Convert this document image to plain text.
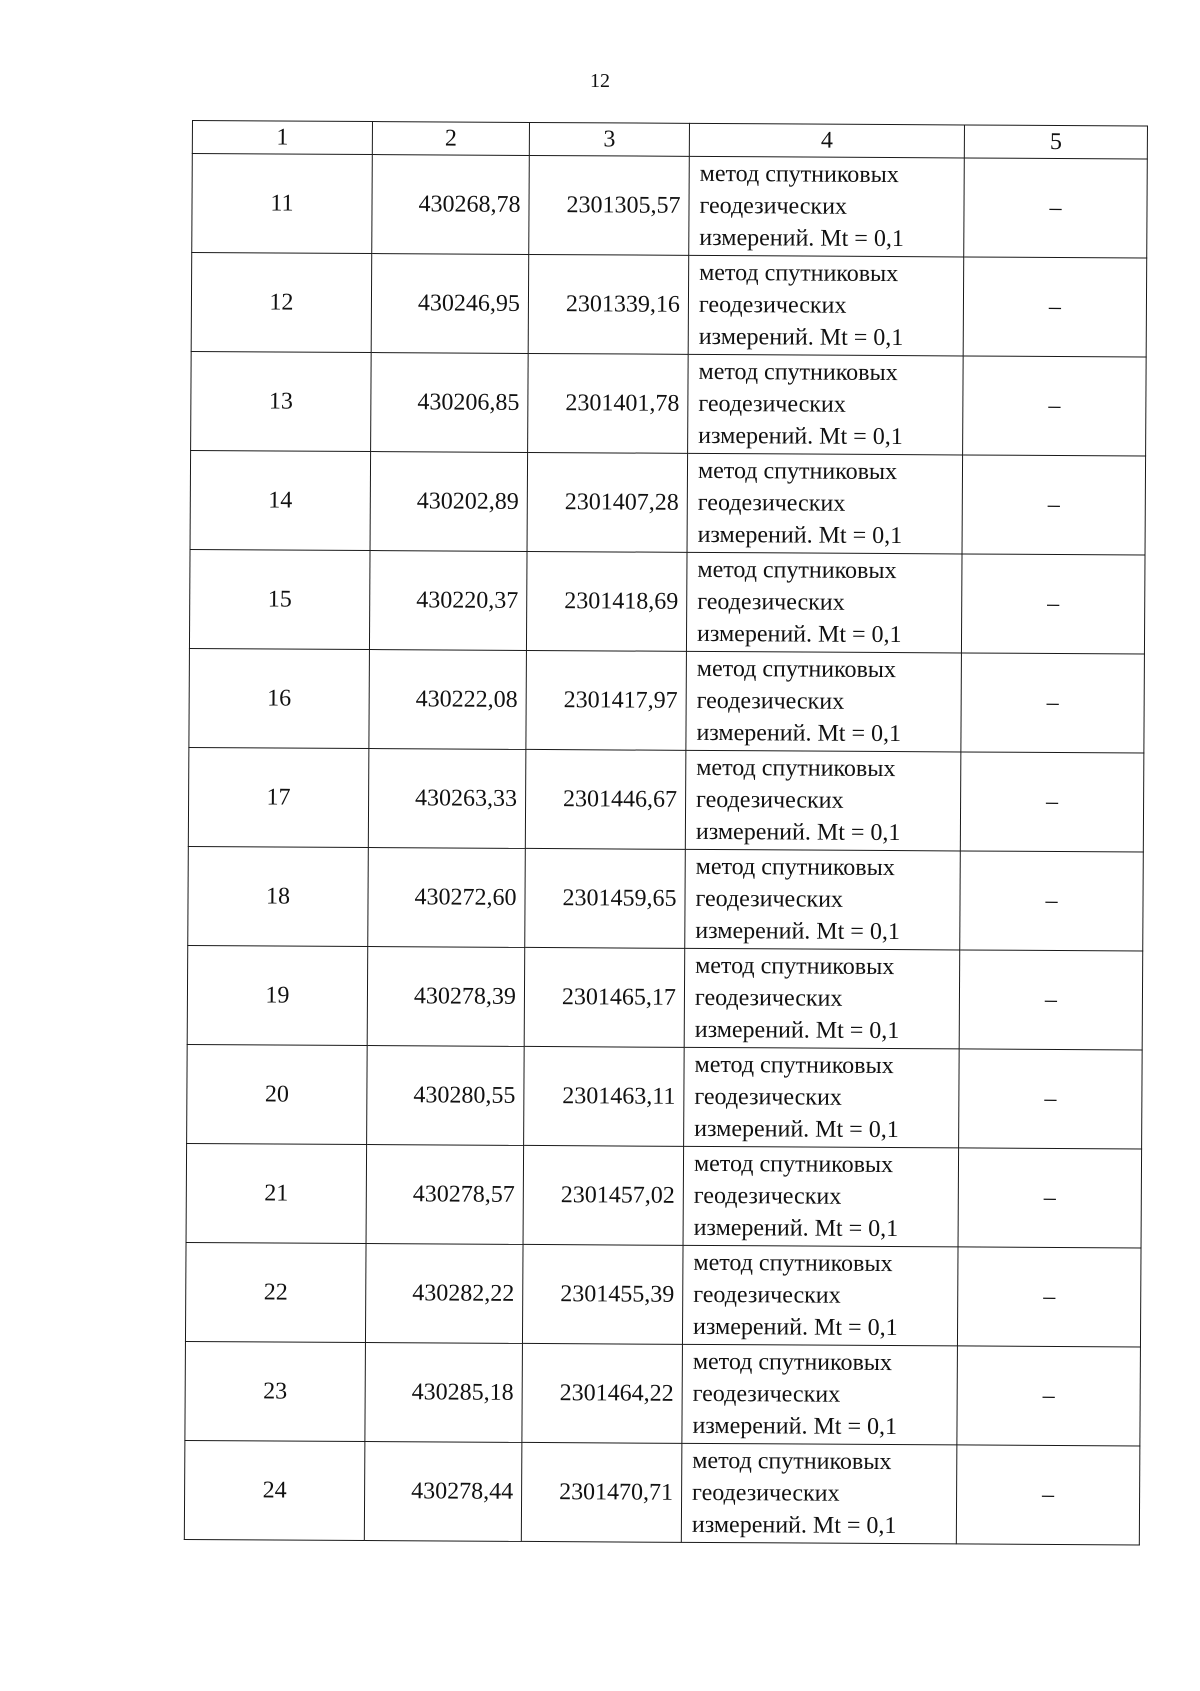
12
1	2	3	4	5
11	430268,78	2301305,57	метод спутниковых
геодезических
измерений. Mt = 0,1	–
12	430246,95	2301339,16	метод спутниковых
геодезических
измерений. Mt = 0,1	–
13	430206,85	2301401,78	метод спутниковых
геодезических
измерений. Mt = 0,1	–
14	430202,89	2301407,28	метод спутниковых
геодезических
измерений. Mt = 0,1	–
15	430220,37	2301418,69	метод спутниковых
геодезических
измерений. Mt = 0,1	–
16	430222,08	2301417,97	метод спутниковых
геодезических
измерений. Mt = 0,1	–
17	430263,33	2301446,67	метод спутниковых
геодезических
измерений. Mt = 0,1	–
18	430272,60	2301459,65	метод спутниковых
геодезических
измерений. Mt = 0,1	–
19	430278,39	2301465,17	метод спутниковых
геодезических
измерений. Mt = 0,1	–
20	430280,55	2301463,11	метод спутниковых
геодезических
измерений. Mt = 0,1	–
21	430278,57	2301457,02	метод спутниковых
геодезических
измерений. Mt = 0,1	–
22	430282,22	2301455,39	метод спутниковых
геодезических
измерений. Mt = 0,1	–
23	430285,18	2301464,22	метод спутниковых
геодезических
измерений. Mt = 0,1	–
24	430278,44	2301470,71	метод спутниковых
геодезических
измерений. Mt = 0,1	–
